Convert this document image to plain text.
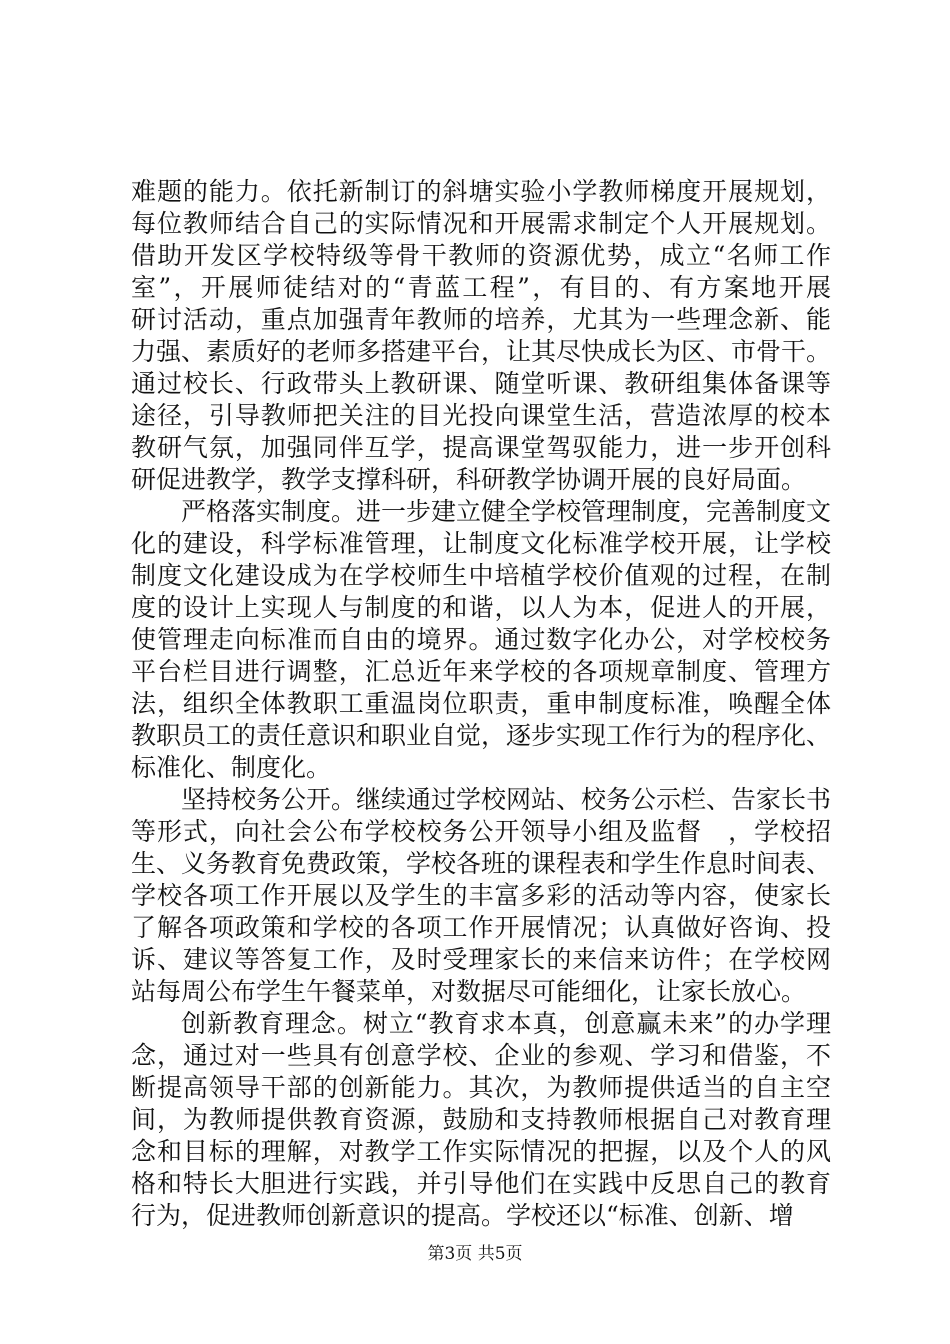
难题的能力。依托新制订的斜塘实验小学教师梯度开展规划，
每位教师结合自己的实际情况和开展需求制定个人开展规划。
借助开发区学校特级等骨干教师的资源优势，成立“名师工作
室”，开展师徒结对的“青蓝工程”，有目的、有方案地开展
研讨活动，重点加强青年教师的培养，尤其为一些理念新、能
力强、素质好的老师多搭建平台，让其尽快成长为区、市骨干。
通过校长、行政带头上教研课、随堂听课、教研组集体备课等
途径，引导教师把关注的目光投向课堂生活，营造浓厚的校本
教研气氛，加强同伴互学，提高课堂驾驭能力，进一步开创科
研促进教学，教学支撑科研，科研教学协调开展的良好局面。
严格落实制度。进一步建立健全学校管理制度，完善制度文
化的建设，科学标准管理，让制度文化标准学校开展，让学校
制度文化建设成为在学校师生中培植学校价值观的过程，在制
度的设计上实现人与制度的和谐，以人为本，促进人的开展，
使管理走向标准而自由的境界。通过数字化办公，对学校校务
平台栏目进行调整，汇总近年来学校的各项规章制度、管理方
法，组织全体教职工重温岗位职责，重申制度标准，唤醒全体
教职员工的责任意识和职业自觉，逐步实现工作行为的程序化、
标准化、制度化。
坚持校务公开。继续通过学校网站、校务公示栏、告家长书
等形式，向社会公布学校校务公开领导小组及监督　，学校招
生、义务教育免费政策，学校各班的课程表和学生作息时间表、
学校各项工作开展以及学生的丰富多彩的活动等内容，使家长
了解各项政策和学校的各项工作开展情况；认真做好咨询、投
诉、建议等答复工作，及时受理家长的来信来访件；在学校网
站每周公布学生午餐菜单，对数据尽可能细化，让家长放心。
创新教育理念。树立“教育求本真，创意赢未来”的办学理
念，通过对一些具有创意学校、企业的参观、学习和借鉴，不
断提高领导干部的创新能力。其次，为教师提供适当的自主空
间，为教师提供教育资源，鼓励和支持教师根据自己对教育理
念和目标的理解，对教学工作实际情况的把握，以及个人的风
格和特长大胆进行实践，并引导他们在实践中反思自己的教育
行为，促进教师创新意识的提高。学校还以“标准、创新、增
第3页 共5页
